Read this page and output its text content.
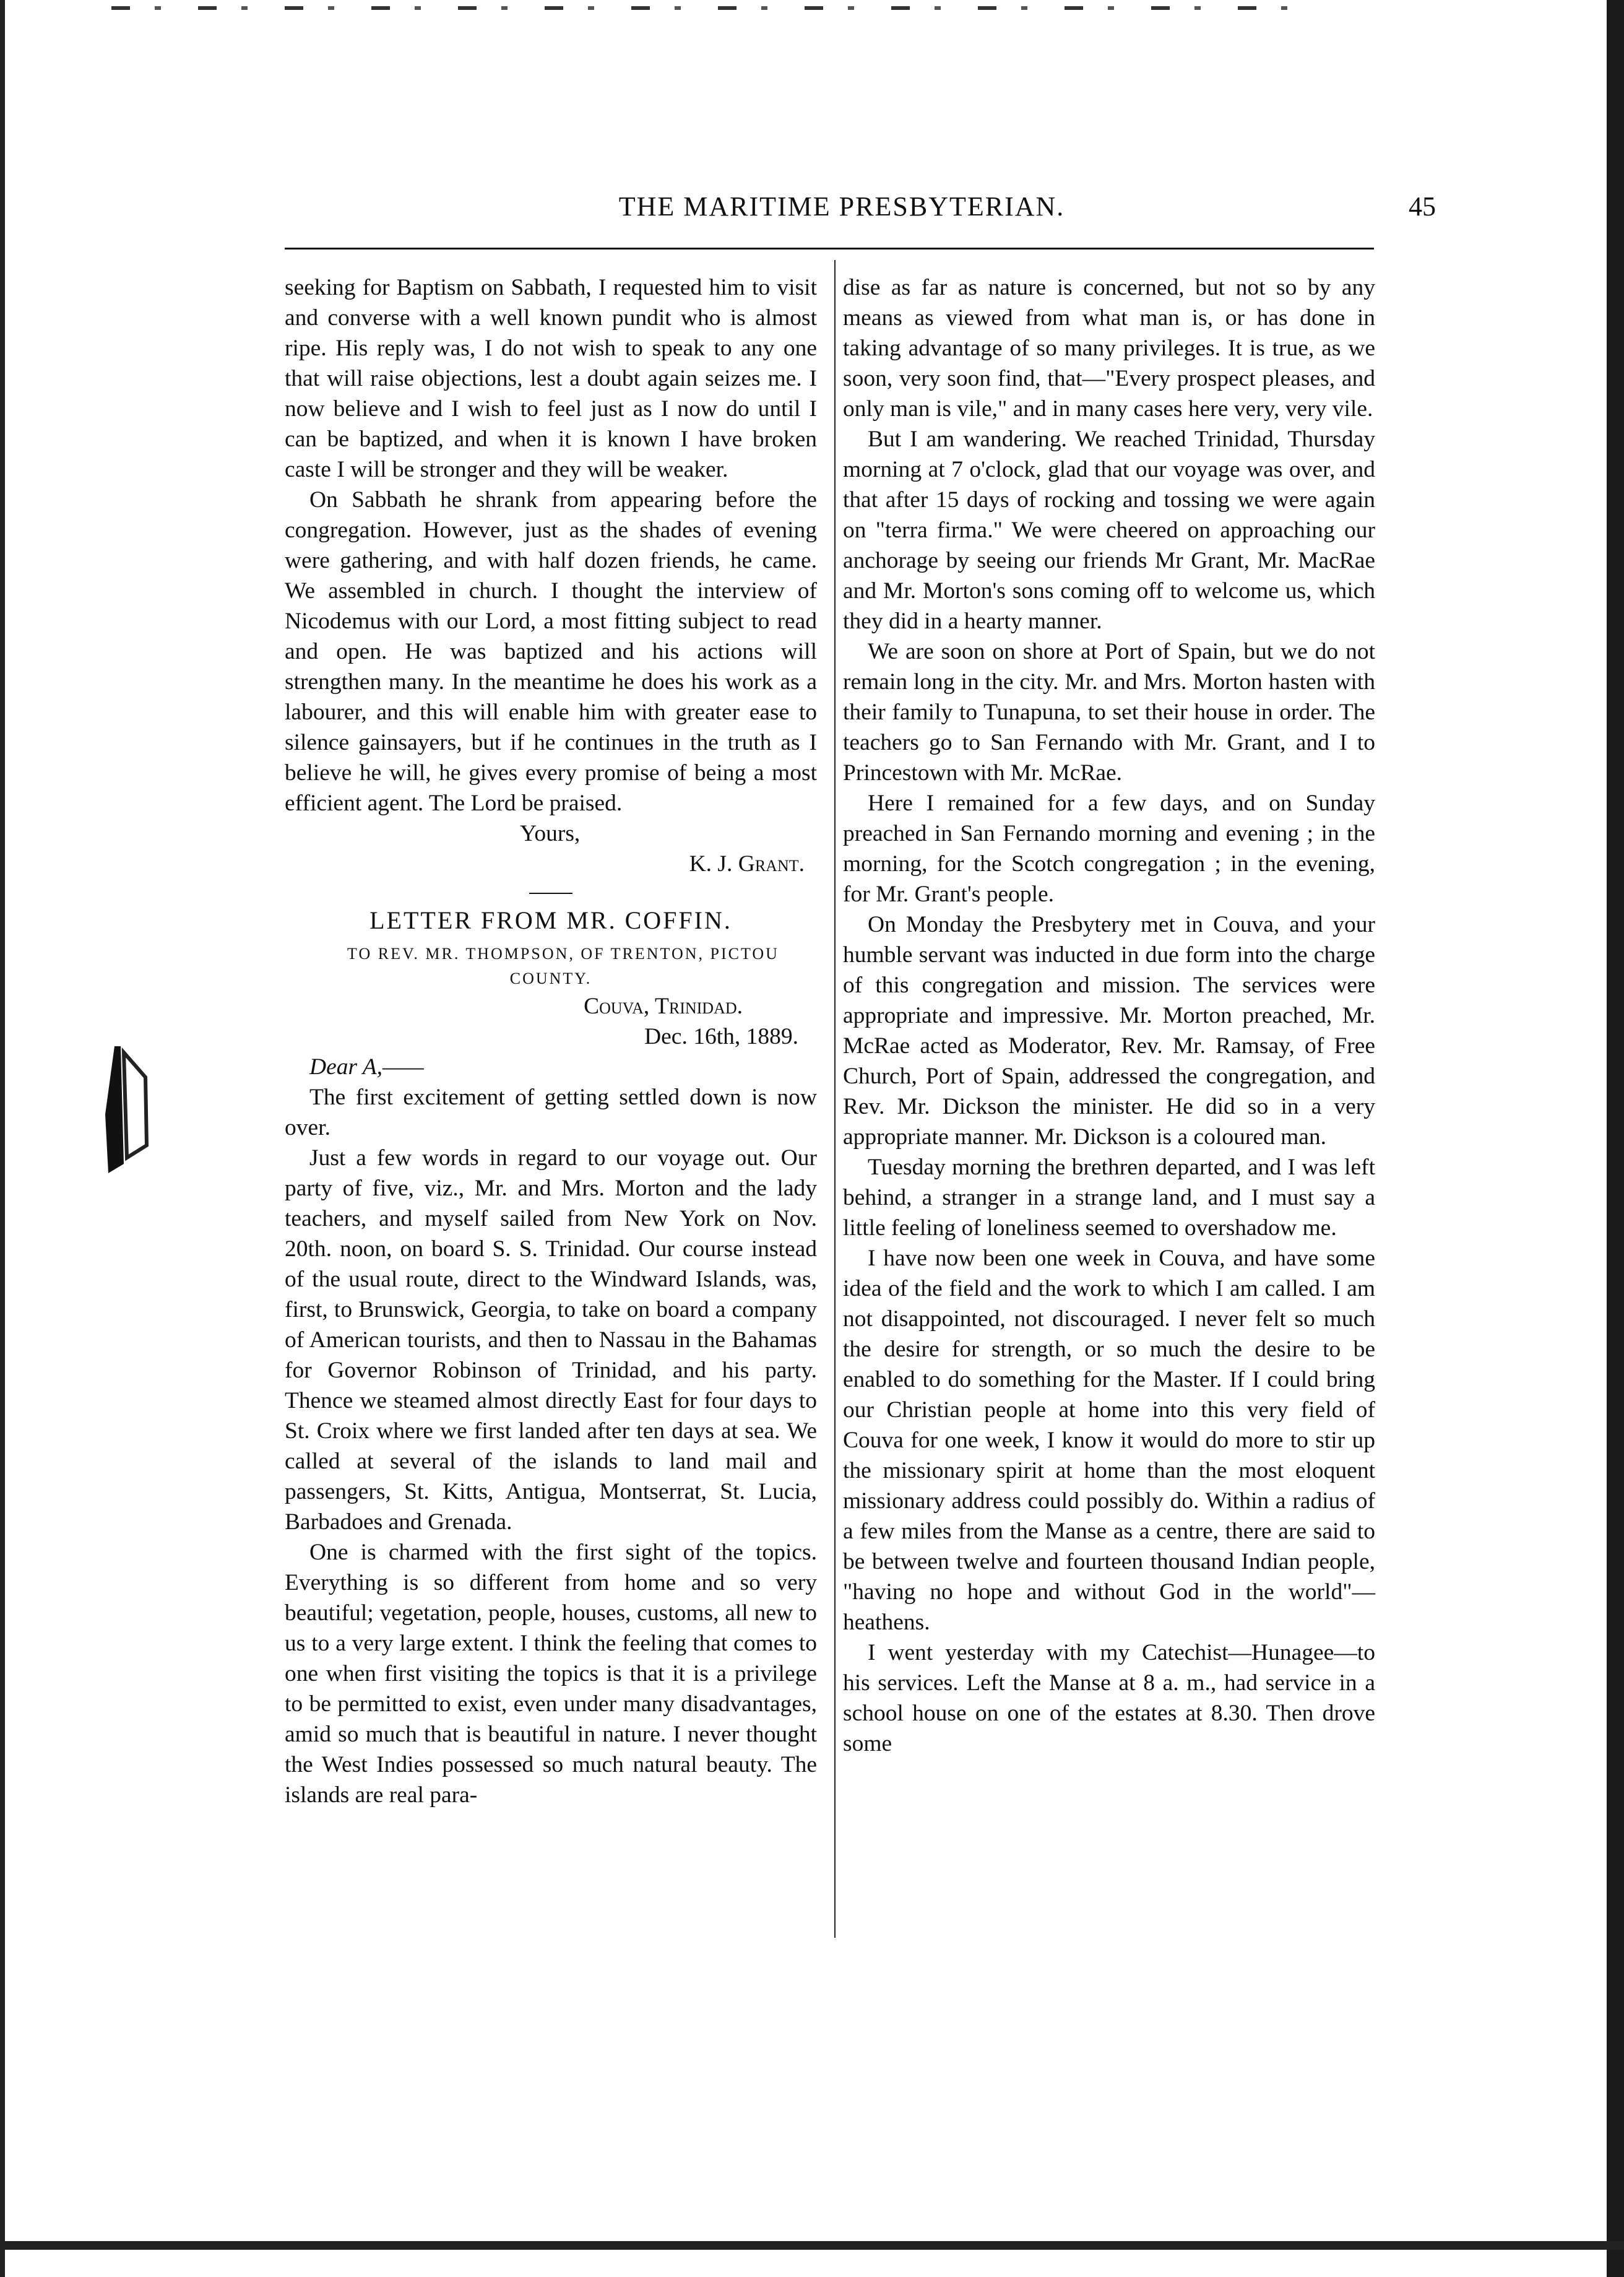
THE MARITIME PRESBYTERIAN.	45

seeking for Baptism on Sabbath, I requested him to visit and converse with a well known pundit who is almost ripe. His reply was, I do not wish to speak to any one that will raise objections, lest a doubt again seizes me. I now believe and I wish to feel just as I now do until I can be baptized, and when it is known I have broken caste I will be stronger and they will be weaker.

On Sabbath he shrank from appearing before the congregation. However, just as the shades of evening were gathering, and with half dozen friends, he came. We assembled in church. I thought the interview of Nicodemus with our Lord, a most fitting subject to read and open. He was baptized and his actions will strengthen many. In the meantime he does his work as a labourer, and this will enable him with greater ease to silence gainsayers, but if he continues in the truth as I believe he will, he gives every promise of being a most efficient agent. The Lord be praised.

Yours,

K. J. Grant.

LETTER FROM MR. COFFIN.

TO REV. MR. THOMPSON, OF TRENTON, PICTOU COUNTY.

Couva, Trinidad.

Dec. 16th, 1889.

Dear A,——

The first excitement of getting settled down is now over.

Just a few words in regard to our voyage out. Our party of five, viz., Mr. and Mrs. Morton and the lady teachers, and myself sailed from New York on Nov. 20th. noon, on board S. S. Trinidad. Our course instead of the usual route, direct to the Windward Islands, was, first, to Brunswick, Georgia, to take on board a company of American tourists, and then to Nassau in the Bahamas for Governor Robinson of Trinidad, and his party. Thence we steamed almost directly East for four days to St. Croix where we first landed after ten days at sea. We called at several of the islands to land mail and passengers, St. Kitts, Antigua, Montserrat, St. Lucia, Barbadoes and Grenada.

One is charmed with the first sight of the topics. Everything is so different from home and so very beautiful; vegetation, people, houses, customs, all new to us to a very large extent. I think the feeling that comes to one when first visiting the topics is that it is a privilege to be permitted to exist, even under many disadvantages, amid so much that is beautiful in nature. I never thought the West Indies possessed so much natural beauty. The islands are real para-

dise as far as nature is concerned, but not so by any means as viewed from what man is, or has done in taking advantage of so many privileges. It is true, as we soon, very soon find, that—"Every prospect pleases, and only man is vile," and in many cases here very, very vile.

But I am wandering. We reached Trinidad, Thursday morning at 7 o'clock, glad that our voyage was over, and that after 15 days of rocking and tossing we were again on "terra firma." We were cheered on approaching our anchorage by seeing our friends Mr Grant, Mr. MacRae and Mr. Morton's sons coming off to welcome us, which they did in a hearty manner.

We are soon on shore at Port of Spain, but we do not remain long in the city. Mr. and Mrs. Morton hasten with their family to Tunapuna, to set their house in order. The teachers go to San Fernando with Mr. Grant, and I to Princestown with Mr. McRae.

Here I remained for a few days, and on Sunday preached in San Fernando morning and evening ; in the morning, for the Scotch congregation ; in the evening, for Mr. Grant's people.

On Monday the Presbytery met in Couva, and your humble servant was inducted in due form into the charge of this congregation and mission. The services were appropriate and impressive. Mr. Morton preached, Mr. McRae acted as Moderator, Rev. Mr. Ramsay, of Free Church, Port of Spain, addressed the congregation, and Rev. Mr. Dickson the minister. He did so in a very appropriate manner. Mr. Dickson is a coloured man.

Tuesday morning the brethren departed, and I was left behind, a stranger in a strange land, and I must say a little feeling of loneliness seemed to overshadow me.

I have now been one week in Couva, and have some idea of the field and the work to which I am called. I am not disappointed, not discouraged. I never felt so much the desire for strength, or so much the desire to be enabled to do something for the Master. If I could bring our Christian people at home into this very field of Couva for one week, I know it would do more to stir up the missionary spirit at home than the most eloquent missionary address could possibly do. Within a radius of a few miles from the Manse as a centre, there are said to be between twelve and fourteen thousand Indian people, "having no hope and without God in the world"—heathens.

I went yesterday with my Catechist—Hunagee—to his services. Left the Manse at 8 a. m., had service in a school house on one of the estates at 8.30. Then drove some
